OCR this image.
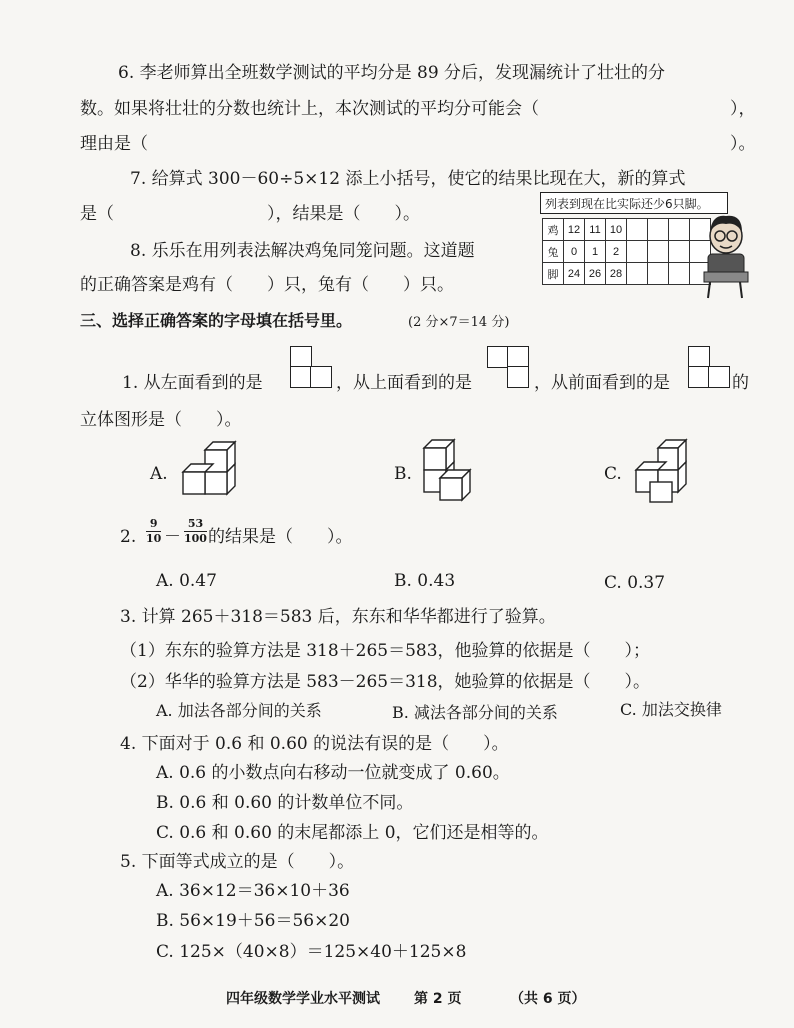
6. 李老师算出全班数学测试的平均分是 89 分后，发现漏统计了壮壮的分
数。如果将壮壮的分数也统计上，本次测试的平均分可能会（	），
理由是（	）。
7. 给算式 300－60÷5×12 添上小括号，使它的结果比现在大，新的算式
是（　　　　　　　　　），结果是（　　）。
8. 乐乐在用列表法解决鸡兔同笼问题。这道题
的正确答案是鸡有（　　）只，兔有（　　）只。
列表到现在比实际还少6只脚。
鸡	12	11	10				
兔	0	1	2				
脚	24	26	28				
三、选择正确答案的字母填在括号里。	(2 分×7＝14 分)
1. 从左面看到的是	，从上面看到的是	，从前面看到的是	的
立体图形是（　　）。
A.	B.	C.
2.
9
10 －
53
100 的结果是（　　）。
A. 0.47	B. 0.43	C. 0.37
3. 计算 265＋318＝583 后，东东和华华都进行了验算。
（1）东东的验算方法是 318＋265＝583，他验算的依据是（　　）；
（2）华华的验算方法是 583－265＝318，她验算的依据是（　　）。
A. 加法各部分间的关系	B. 减法各部分间的关系	C. 加法交换律
4. 下面对于 0.6 和 0.60 的说法有误的是（　　）。
A. 0.6 的小数点向右移动一位就变成了 0.60。
B. 0.6 和 0.60 的计数单位不同。
C. 0.6 和 0.60 的末尾都添上 0，它们还是相等的。
5. 下面等式成立的是（　　）。
A. 36×12＝36×10＋36
B. 56×19＋56＝56×20
C. 125×（40×8）＝125×40＋125×8
四年级数学学业水平测试 第 2 页	（共 6 页）
